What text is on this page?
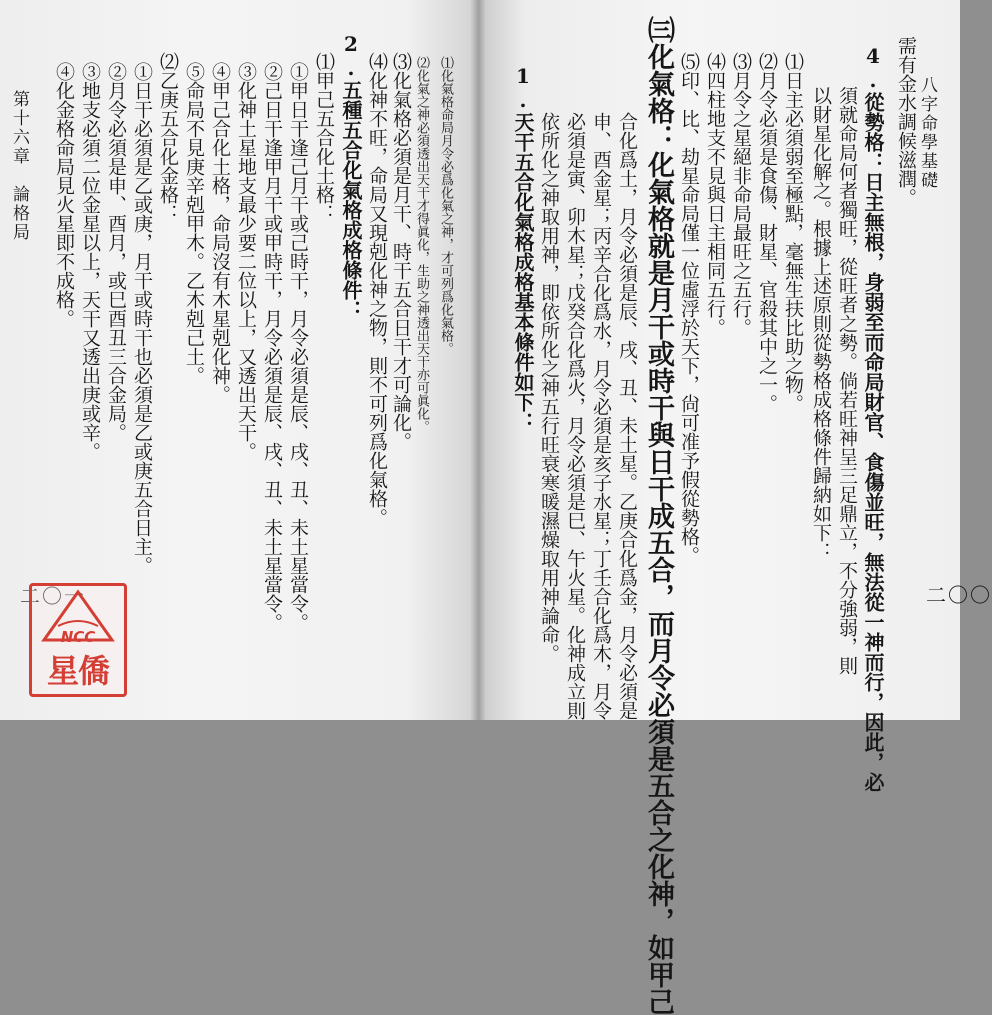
八字命學基礎
需有金水調候滋潤。
4.從勢格：日主無根，身弱至而命局財官、食傷並旺，無法從一神而行，因此，必
須就命局何者獨旺，從旺者之勢。倘若旺神呈三足鼎立，不分強弱，則
以財星化解之。根據上述原則從勢格成格條件歸納如下：
⑴日主必須弱至極點，毫無生扶比助之物。
⑵月令必須是食傷、財星、官殺其中之一。
⑶月令之星絕非命局最旺之五行。
⑷四柱地支不見與日主相同五行。
⑸印、比、劫星命局僅一位虛浮於天下，尙可准予假從勢格。
㈢化氣格：化氣格就是月干或時干與日干成五合，而月令必須是五合之化神，如甲己
合化爲土，月令必須是辰、戌、丑、未土星。乙庚合化爲金，月令必須是
申、酉金星；丙辛合化爲水，月令必須是亥子水星；丁壬合化爲木，月令
必須是寅、卯木星；戊癸合化爲火，月令必須是巳、午火星。化神成立則
依所化之神取用神，即依所化之神五行旺衰寒暖濕燥取用神論命。
1.天干五合化氣格成格基本條件如下：
二〇〇
⑴化氣格命局月令必爲化氣之神，才可列爲化氣格。
⑵化氣之神必須透出天干才得眞化，生助之神透出天干亦可眞化。
⑶化氣格必須是月干、時干五合日干才可論化。
⑷化神不旺，命局又現剋化神之物，則不可列爲化氣格。
2.五種五合化氣格成格條件：
⑴甲己五合化土格：
①甲日干逢己月干或己時干，月令必須是辰、戌、丑、未土星當令。
②己日干逢甲月干或甲時干，月令必須是辰、戌、丑、未土星當令。
③化神土星地支最少要二位以上，又透出天干。
④甲己合化土格，命局沒有木星剋化神。
⑤命局不見庚辛剋甲木。乙木剋己土。
⑵乙庚五合化金格：
①日干必須是乙或庚，月干或時干也必須是乙或庚五合日主。
②月令必須是申、酉月，或巳酉丑三合金局。
③地支必須二位金星以上，天干又透出庚或辛。
④化金格命局見火星即不成格。
第十六章　論格局
二〇一
NCC
星僑
